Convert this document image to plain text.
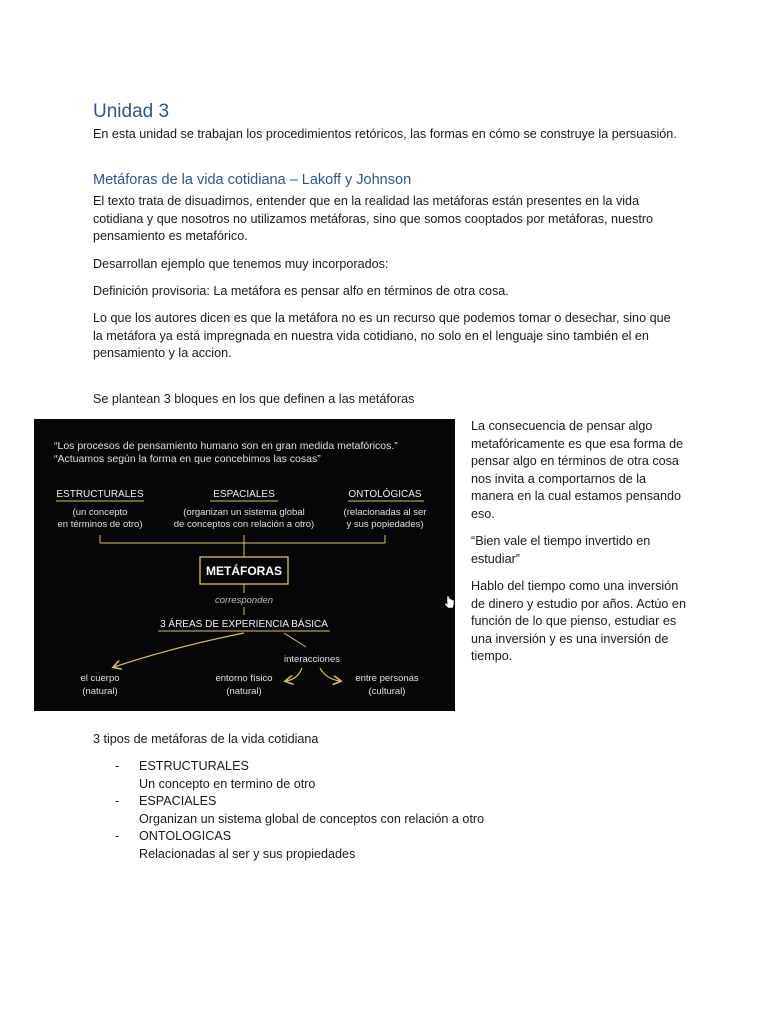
Unidad 3
En esta unidad se trabajan los procedimientos retóricos, las formas en cómo se construye la persuasión.
Metáforas de la vida cotidiana – Lakoff y Johnson
El texto trata de disuadirnos, entender que en la realidad las metáforas están presentes en la vida cotidiana y que nosotros no utilizamos metáforas, sino que somos cooptados por metáforas, nuestro pensamiento es metafórico.
Desarrollan ejemplo que tenemos muy incorporados:
Definición provisoria: La metáfora es pensar alfo en términos de otra cosa.
Lo que los autores dicen es que la metáfora no es un recurso que podemos tomar o desechar, sino que la metáfora ya está impregnada en nuestra vida cotidiano, no solo en el lenguaje sino también el en pensamiento y la accion.
Se plantean 3 bloques en los que definen a las metáforas
“Los procesos de pensamiento humano son en gran medida metafóricos.”
“Actuamos según la forma en que concebimos las cosas”
ESTRUCTURALES
(un concepto
en términos de otro)
ESPACIALES
(organizan un sistema global
de conceptos con relación a otro)
ONTOLÓGICAS
(relacionadas al ser
y sus popiedades)
METÁFORAS
corresponden
3 ÁREAS DE EXPERIENCIA BÁSICA
interacciones
el cuerpo
(natural)
entorno físico
(natural)
entre personas
(cultural)
La consecuencia de pensar algo metafóricamente es que esa forma de pensar algo en términos de otra cosa nos invita a comportarnos de la manera en la cual estamos pensando eso.
“Bien vale el tiempo invertido en estudiar”
Hablo del tiempo como una inversión de dinero y estudio por años. Actúo en función de lo que pienso, estudiar es una inversión y es una inversión de tiempo.
3 tipos de metáforas de la vida cotidiana
- ESTRUCTURALES
Un concepto en termino de otro
- ESPACIALES
Organizan un sistema global de conceptos con relación a otro
- ONTOLOGICAS
Relacionadas al ser y sus propiedades
